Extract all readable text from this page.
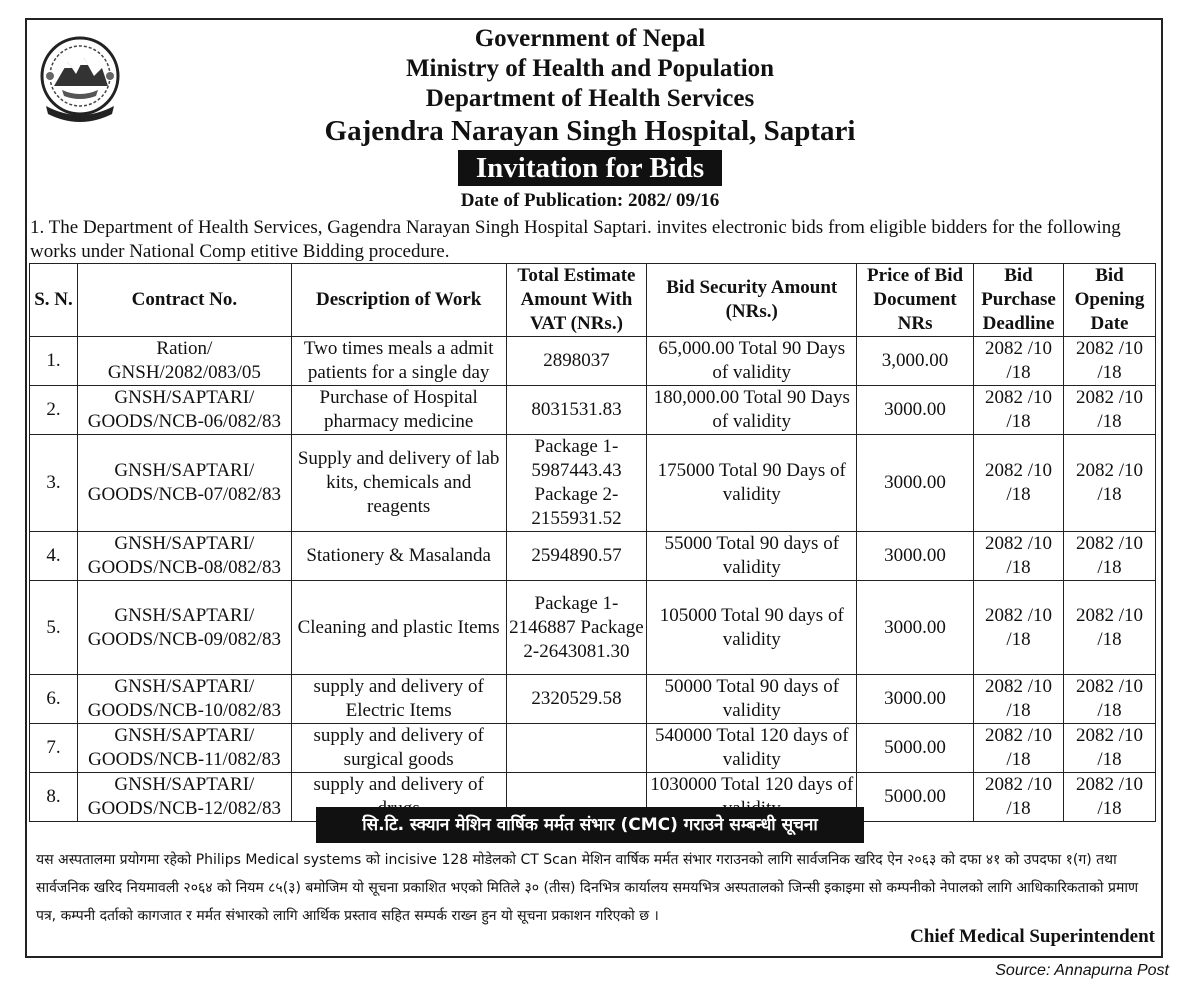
Government of Nepal
Ministry of Health and Population
Department of Health Services
Gajendra Narayan Singh Hospital, Saptari
Invitation for Bids
Date of Publication: 2082/ 09/16
1. The Department of Health Services, Gagendra Narayan Singh Hospital Saptari. invites electronic bids from eligible bidders for the following works under National Comp etitive Bidding procedure.
S. N.	Contract No.	Description of Work	Total Estimate Amount With VAT (NRs.)	Bid Security Amount (NRs.)	Price of Bid Document NRs	Bid Purchase Deadline	Bid Opening Date
1.	Ration/ GNSH/2082/083/05	Two times meals a admit patients for a single day	2898037	65,000.00 Total 90 Days of validity	3,000.00	2082 /10 /18	2082 /10 /18
2.	GNSH/SAPTARI/ GOODS/NCB-06/082/83	Purchase of Hospital pharmacy medicine	8031531.83	180,000.00 Total 90 Days of validity	3000.00	2082 /10 /18	2082 /10 /18
3.	GNSH/SAPTARI/ GOODS/NCB-07/082/83	Supply and delivery of lab kits, chemicals and reagents	Package 1-5987443.43 Package 2-2155931.52	175000 Total 90 Days of validity	3000.00	2082 /10 /18	2082 /10 /18
4.	GNSH/SAPTARI/ GOODS/NCB-08/082/83	Stationery & Masalanda	2594890.57	55000 Total 90 days of validity	3000.00	2082 /10 /18	2082 /10 /18
5.	GNSH/SAPTARI/ GOODS/NCB-09/082/83	Cleaning and plastic Items	Package 1- 2146887 Package 2-2643081.30	105000 Total 90 days of validity	3000.00	2082 /10 /18	2082 /10 /18
6.	GNSH/SAPTARI/ GOODS/NCB-10/082/83	supply and delivery of Electric Items	2320529.58	50000 Total 90 days of validity	3000.00	2082 /10 /18	2082 /10 /18
7.	GNSH/SAPTARI/ GOODS/NCB-11/082/83	supply and delivery of surgical goods		540000 Total 120 days of validity	5000.00	2082 /10 /18	2082 /10 /18
8.	GNSH/SAPTARI/ GOODS/NCB-12/082/83	supply and delivery of		1030000 Total 120 days of	5000.00	2082 /10 /18	2082 /10 /18
सि.टि. स्क्यान मेशिन वार्षिक मर्मत संभार (CMC) गराउने सम्बन्धी सूचना
यस अस्पतालमा प्रयोगमा रहेको Philips Medical systems को incisive 128 मोडेलको CT Scan मेशिन वार्षिक मर्मत संभार गराउनको लागि सार्वजनिक खरिद ऐन २०६३ को दफा ४१ को उपदफा १(ग) तथा सार्वजनिक खरिद नियमावली २०६४ को नियम ८५(३) बमोजिम यो सूचना प्रकाशित भएको मितिले ३० (तीस) दिनभित्र कार्यालय समयभित्र अस्पतालको जिन्सी इकाइमा सो कम्पनीको नेपालको लागि आधिकारिकताको प्रमाण पत्र, कम्पनी दर्ताको कागजात र मर्मत संभारको लागि आर्थिक प्रस्ताव सहित सम्पर्क राख्न हुन यो सूचना प्रकाशन गरिएको छ ।
Chief Medical Superintendent
Source: Annapurna Post
